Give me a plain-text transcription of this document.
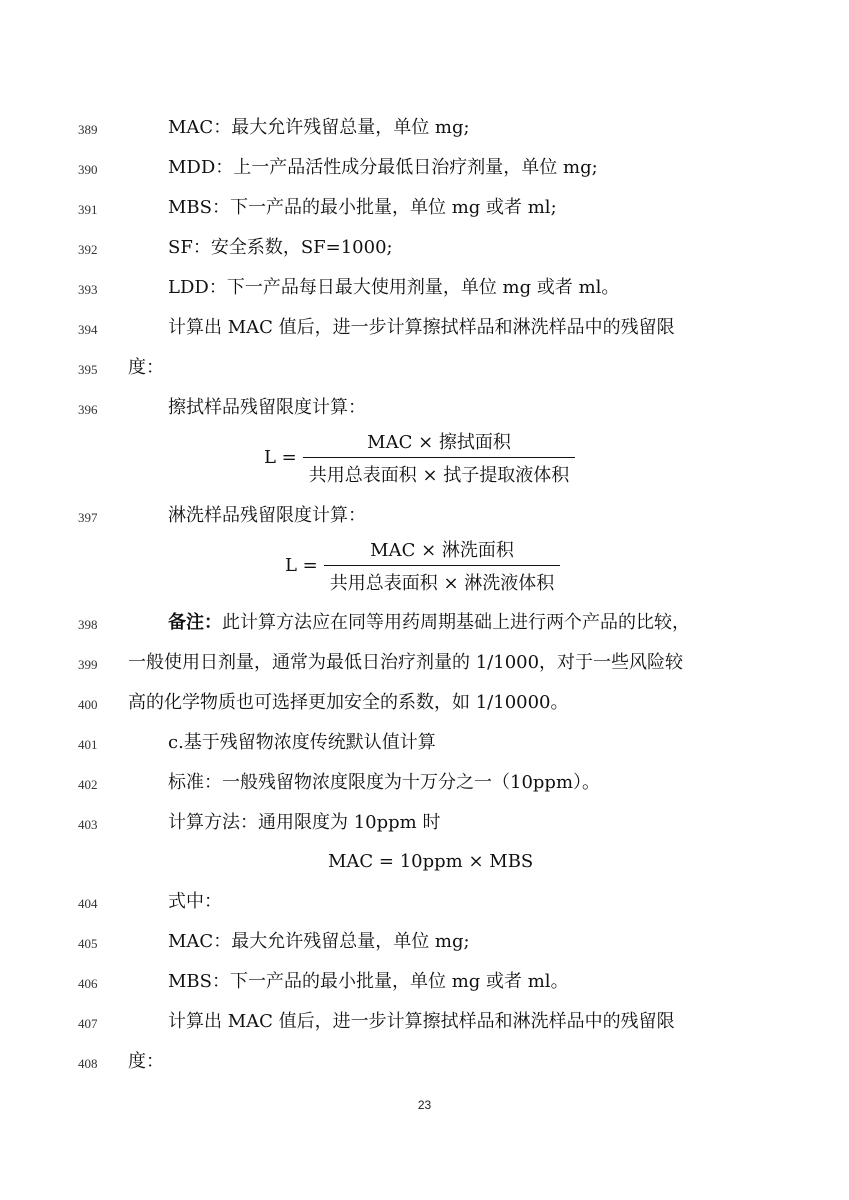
389	MAC：最大允许残留总量，单位 mg;
390	MDD：上一产品活性成分最低日治疗剂量，单位 mg;
391	MBS：下一产品的最小批量，单位 mg 或者 ml;
392	SF：安全系数，SF=1000;
393	LDD：下一产品每日最大使用剂量，单位 mg 或者 ml。
394	计算出 MAC 值后，进一步计算擦拭样品和淋洗样品中的残留限
395	度：
396	擦拭样品残留限度计算：
$L = \frac{\text{MAC × 擦拭面积}}{\text{共用总表面积 × 拭子提取液体积}}$
397	淋洗样品残留限度计算：
$L = \frac{\text{MAC × 淋洗面积}}{\text{共用总表面积 × 淋洗液体积}}$
398	备注：此计算方法应在同等用药周期基础上进行两个产品的比较，
399	一般使用日剂量，通常为最低日治疗剂量的 1/1000，对于一些风险较
400	高的化学物质也可选择更加安全的系数，如 1/10000。
401	c.基于残留物浓度传统默认值计算
402	标准：一般残留物浓度限度为十万分之一（10ppm）。
403	计算方法：通用限度为 10ppm 时
MAC = 10ppm × MBS
404	式中：
405	MAC：最大允许残留总量，单位 mg;
406	MBS：下一产品的最小批量，单位 mg 或者 ml。
407	计算出 MAC 值后，进一步计算擦拭样品和淋洗样品中的残留限
408	度：
23
